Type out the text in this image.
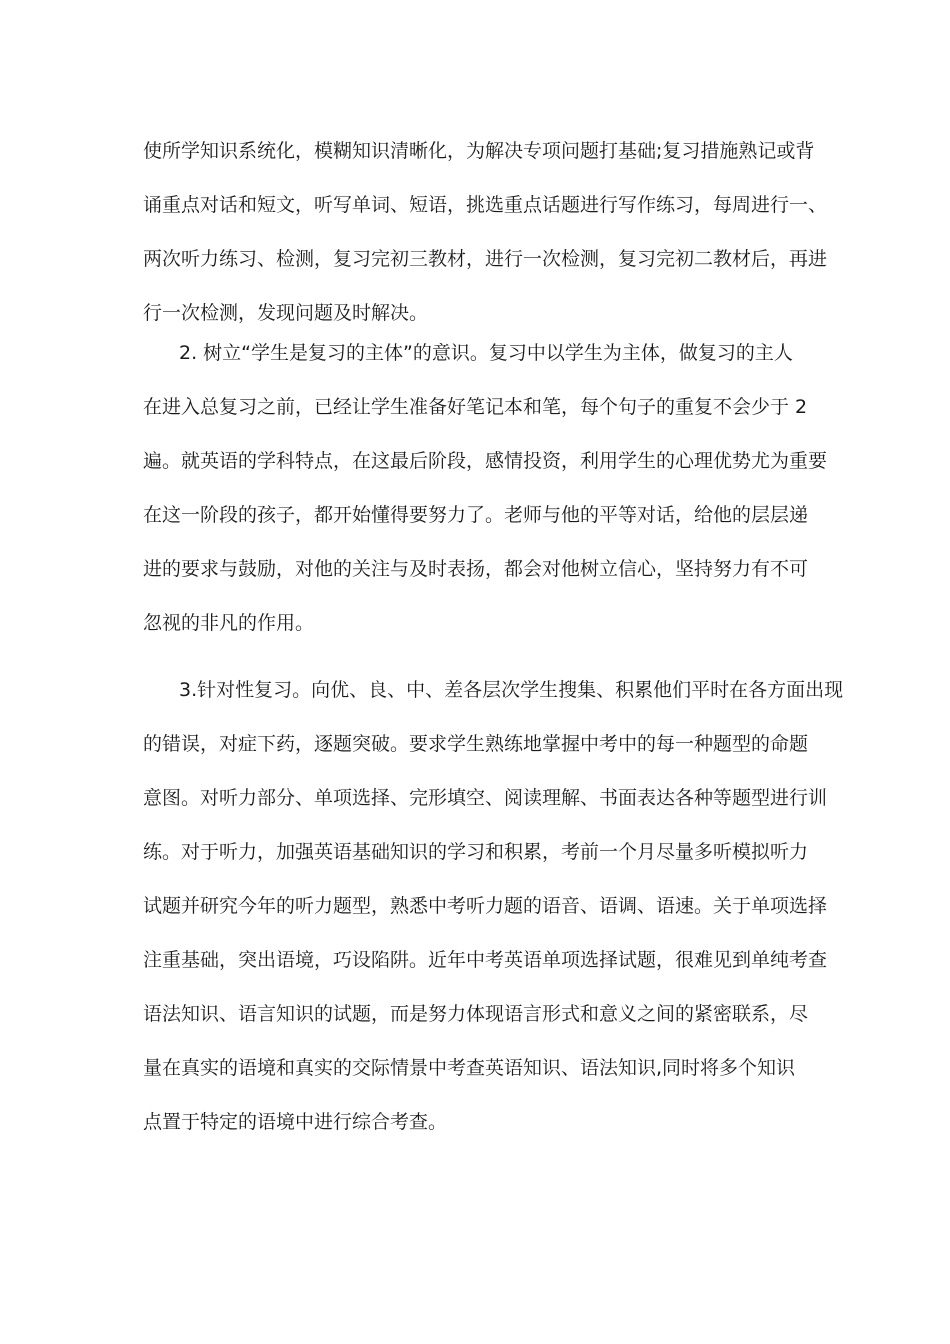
使所学知识系统化，模糊知识清晰化，为解决专项问题打基础;复习措施熟记或背
诵重点对话和短文，听写单词、短语，挑选重点话题进行写作练习，每周进行一、
两次听力练习、检测，复习完初三教材，进行一次检测，复习完初二教材后，再进
行一次检测，发现问题及时解决。
2. 树立“学生是复习的主体”的意识。复习中以学生为主体，做复习的主人
在进入总复习之前，已经让学生准备好笔记本和笔，每个句子的重复不会少于 2
遍。就英语的学科特点，在这最后阶段，感情投资，利用学生的心理优势尤为重要
在这一阶段的孩子，都开始懂得要努力了。老师与他的平等对话，给他的层层递
进的要求与鼓励，对他的关注与及时表扬，都会对他树立信心，坚持努力有不可
忽视的非凡的作用。
3.针对性复习。向优、良、中、差各层次学生搜集、积累他们平时在各方面出现
的错误，对症下药，逐题突破。要求学生熟练地掌握中考中的每一种题型的命题
意图。对听力部分、单项选择、完形填空、阅读理解、书面表达各种等题型进行训
练。对于听力，加强英语基础知识的学习和积累，考前一个月尽量多听模拟听力
试题并研究今年的听力题型，熟悉中考听力题的语音、语调、语速。关于单项选择
注重基础，突出语境，巧设陷阱。近年中考英语单项选择试题，很难见到单纯考查
语法知识、语言知识的试题，而是努力体现语言形式和意义之间的紧密联系，尽
量在真实的语境和真实的交际情景中考查英语知识、语法知识,同时将多个知识
点置于特定的语境中进行综合考查。
